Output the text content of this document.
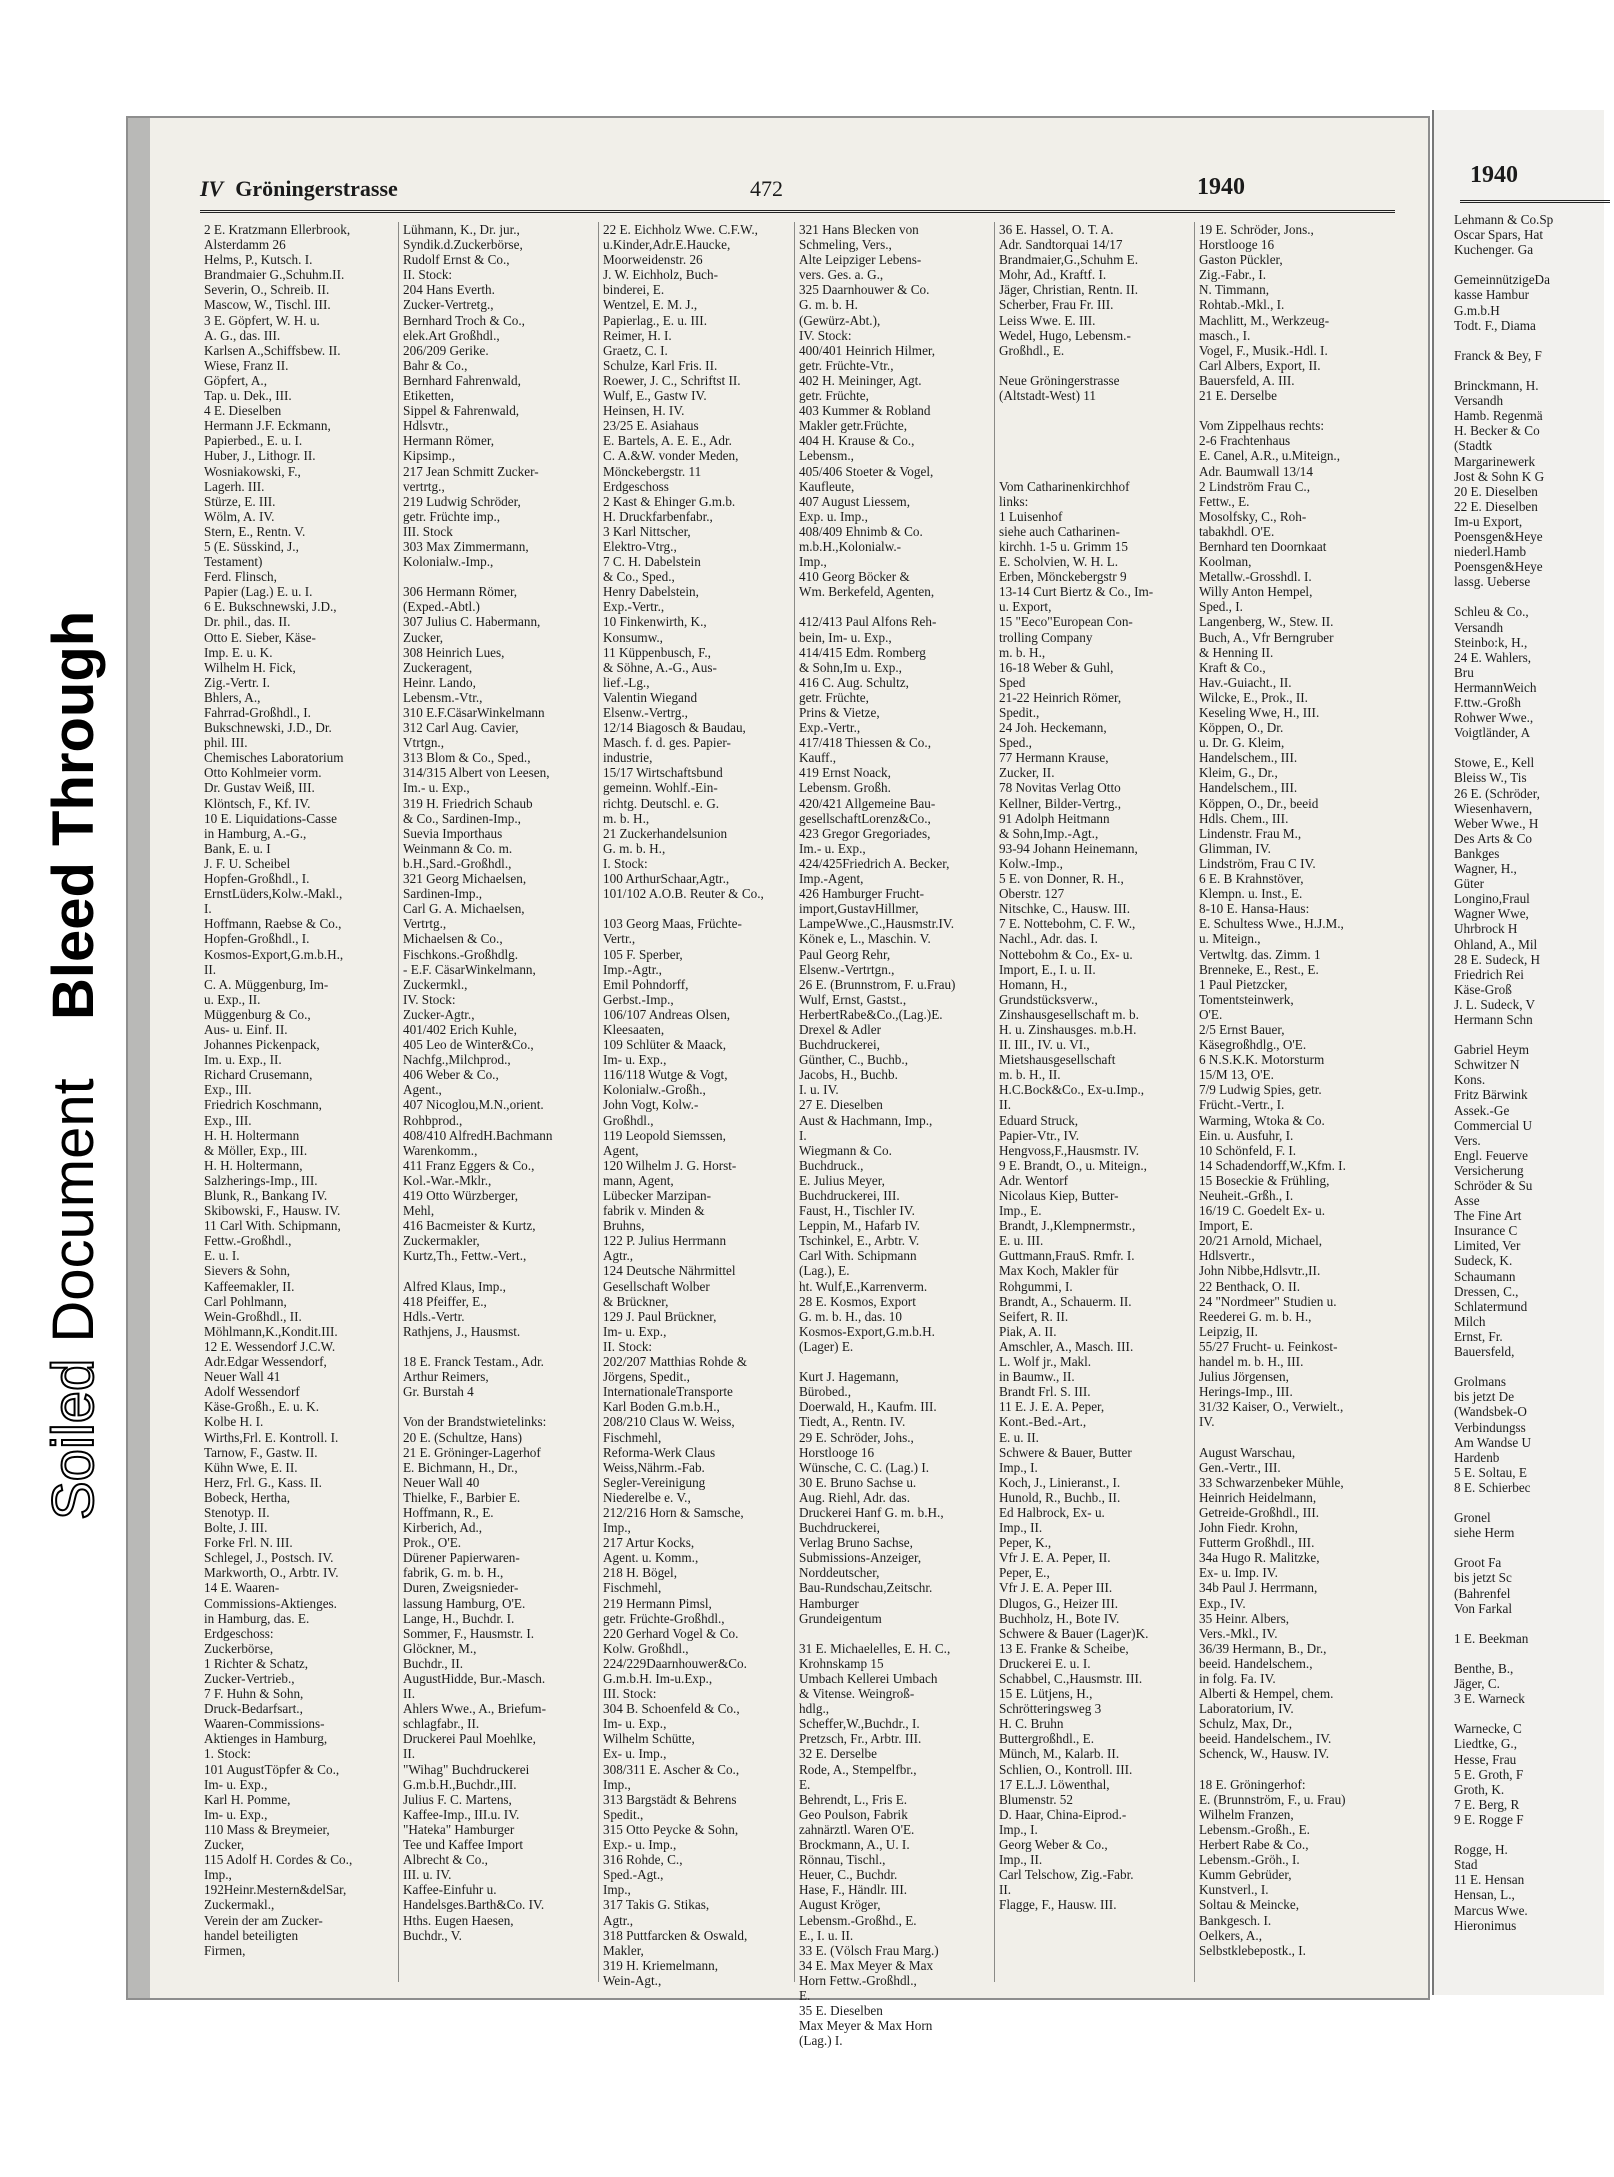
Soiled Document
Bleed Through
IV Gröningerstrasse	472	1940
2 E. Kratzmann Ellerbrook,
Alsterdamm 26
Helms, P., Kutsch. I.
Brandmaier G.,Schuhm.II.
Severin, O., Schreib. II.
Mascow, W., Tischl. III.
3 E. Göpfert, W. H. u.
A. G., das. III.
Karlsen A.,Schiffsbew. II.
Wiese, Franz II.
Göpfert, A.,
Tap. u. Dek., III.
4 E. Dieselben
Hermann J.F. Eckmann,
Papierbed., E. u. I.
Huber, J., Lithogr. II.
Wosniakowski, F.,
Lagerh. III.
Stürze, E. III.
Wölm, A. IV.
Stern, E., Rentn. V.
5 (E. Süsskind, J.,
Testament)
Ferd. Flinsch,
Papier (Lag.) E. u. I.
6 E. Bukschnewski, J.D.,
Dr. phil., das. II.
Otto E. Sieber, Käse-
Imp. E. u. K.
Wilhelm H. Fick,
Zig.-Vertr. I.
Bhlers, A.,
Fahrrad-Großhdl., I.
Bukschnewski, J.D., Dr.
phil. III.
Chemisches Laboratorium
Otto Kohlmeier vorm.
Dr. Gustav Weiß, III.
Klöntsch, F., Kf. IV.
10 E. Liquidations-Casse
in Hamburg, A.-G.,
Bank, E. u. I
J. F. U. Scheibel
Hopfen-Großhdl., I.
ErnstLüders,Kolw.-Makl.,
I.
Hoffmann, Raebse & Co.,
Hopfen-Großhdl., I.
Kosmos-Export,G.m.b.H.,
II.
C. A. Müggenburg, Im-
u. Exp., II.
Müggenburg & Co.,
Aus- u. Einf. II.
Johannes Pickenpack,
Im. u. Exp., II.
Richard Crusemann,
Exp., III.
Friedrich Koschmann,
Exp., III.
H. H. Holtermann
& Möller, Exp., III.
H. H. Holtermann,
Salzherings-Imp., III.
Blunk, R., Bankang IV.
Skibowski, F., Hausw. IV.
11 Carl With. Schipmann,
Fettw.-Großhdl.,
E. u. I.
Sievers & Sohn,
Kaffeemakler, II.
Carl Pohlmann,
Wein-Großhdl., II.
Möhlmann,K.,Kondit.III.
12 E. Wessendorf J.C.W.
Adr.Edgar Wessendorf,
Neuer Wall 41
Adolf Wessendorf
Käse-Großh., E. u. K.
Kolbe H. I.
Wirths,Frl. E. Kontroll. I.
Tarnow, F., Gastw. II.
Kühn Wwe, E. II.
Herz, Frl. G., Kass. II.
Bobeck, Hertha,
Stenotyp. II.
Bolte, J. III.
Forke Frl. N. III.
Schlegel, J., Postsch. IV.
Markworth, O., Arbtr. IV.
14 E. Waaren-
Commissions-Aktienges.
in Hamburg, das. E.
Erdgeschoss:
Zuckerbörse,
1 Richter & Schatz,
Zucker-Vertrieb.,
7 F. Huhn & Sohn,
Druck-Bedarfsart.,
Waaren-Commissions-
Aktienges in Hamburg,
1. Stock:
101 AugustTöpfer & Co.,
Im- u. Exp.,
Karl H. Pomme,
Im- u. Exp.,
110 Mass & Breymeier,
Zucker,
115 Adolf H. Cordes & Co.,
Imp.,
192Heinr.Mestern&delSar,
Zuckermakl.,
Verein der am Zucker-
handel beteiligten
Firmen,
Lühmann, K., Dr. jur.,
Syndik.d.Zuckerbörse,
Rudolf Ernst & Co.,
II. Stock:
204 Hans Everth.
Zucker-Vertretg.,
Bernhard Troch & Co.,
elek.Art Großhdl.,
206/209 Gerike.
Bahr & Co.,
Bernhard Fahrenwald,
Etiketten,
Sippel & Fahrenwald,
Hdlsvtr.,
Hermann Römer,
Kipsimp.,
217 Jean Schmitt Zucker-
vertrtg.,
219 Ludwig Schröder,
getr. Früchte imp.,
III. Stock
303 Max Zimmermann,
Kolonialw.-Imp.,

306 Hermann Römer,
(Exped.-Abtl.)
307 Julius C. Habermann,
Zucker,
308 Heinrich Lues,
Zuckeragent,
Heinr. Lando,
Lebensm.-Vtr.,
310 E.F.CäsarWinkelmann
312 Carl Aug. Cavier,
Vtrtgn.,
313 Blom & Co., Sped.,
314/315 Albert von Leesen,
Im.- u. Exp.,
319 H. Friedrich Schaub
& Co., Sardinen-Imp.,
Suevia Importhaus
Weinmann & Co. m.
b.H.,Sard.-Großhdl.,
321 Georg Michaelsen,
Sardinen-Imp.,
Carl G. A. Michaelsen,
Vertrtg.,
Michaelsen & Co.,
Fischkons.-Großhdlg.
- E.F. CäsarWinkelmann,
Zuckermkl.,
IV. Stock:
Zucker-Agtr.,
401/402 Erich Kuhle,
405 Leo de Winter&Co.,
Nachfg.,Milchprod.,
406 Weber & Co.,
Agent.,
407 Nicoglou,M.N.,orient.
Rohbprod.,
408/410 AlfredH.Bachmann
Warenkomm.,
411 Franz Eggers & Co.,
Kol.-War.-Mklr.,
419 Otto Würzberger,
Mehl,
416 Bacmeister & Kurtz,
Zuckermakler,
Kurtz,Th., Fettw.-Vert.,

Alfred Klaus, Imp.,
418 Pfeiffer, E.,
Hdls.-Vertr.
Rathjens, J., Hausmst.

18 E. Franck Testam., Adr.
Arthur Reimers,
Gr. Burstah 4

Von der Brandstwietelinks:
20 E. (Schultze, Hans)
21 E. Gröninger-Lagerhof
E. Bichmann, H., Dr.,
Neuer Wall 40
Thielke, F., Barbier E.
Hoffmann, R., E.
Kirberich, Ad.,
Prok., O'E.
Dürener Papierwaren-
fabrik, G. m. b. H.,
Duren, Zweigsnieder-
lassung Hamburg, O'E.
Lange, H., Buchdr. I.
Sommer, F., Hausmstr. I.
Glöckner, M.,
Buchdr., II.
AugustHidde, Bur.-Masch.
II.
Ahlers Wwe., A., Briefum-
schlagfabr., II.
Druckerei Paul Moehlke,
II.
"Wihag" Buchdruckerei
G.m.b.H.,Buchdr.,III.
Julius F. C. Martens,
Kaffee-Imp., III.u. IV.
"Hateka" Hamburger
Tee und Kaffee Import
Albrecht & Co.,
III. u. IV.
Kaffee-Einfuhr u.
Handelsges.Barth&Co. IV.
Hths. Eugen Haesen,
Buchdr., V.
22 E. Eichholz Wwe. C.F.W.,
u.Kinder,Adr.E.Haucke,
Moorweidenstr. 26
J. W. Eichholz, Buch-
binderei, E.
Wentzel, E. M. J.,
Papierlag., E. u. III.
Reimer, H. I.
Graetz, C. I.
Schulze, Karl Fris. II.
Roewer, J. C., Schriftst II.
Wulf, E., Gastw IV.
Heinsen, H. IV.
23/25 E. Asiahaus
E. Bartels, A. E. E., Adr.
C. A.&W. vonder Meden,
Mönckebergstr. 11
Erdgeschoss
2 Kast & Ehinger G.m.b.
H. Druckfarbenfabr.,
3 Karl Nittscher,
Elektro-Vtrg.,
7 C. H. Dabelstein
& Co., Sped.,
Henry Dabelstein,
Exp.-Vertr.,
10 Finkenwirth, K.,
Konsumw.,
11 Küppenbusch, F.,
& Söhne, A.-G., Aus-
lief.-Lg.,
Valentin Wiegand
Elsenw.-Vertrg.,
12/14 Biagosch & Baudau,
Masch. f. d. ges. Papier-
industrie,
15/17 Wirtschaftsbund
gemeinn. Wohlf.-Ein-
richtg. Deutschl. e. G.
m. b. H.,
21 Zuckerhandelsunion
G. m. b. H.,
I. Stock:
100 ArthurSchaar,Agtr.,
101/102 A.O.B. Reuter & Co.,

103 Georg Maas, Früchte-
Vertr.,
105 F. Sperber,
Imp.-Agtr.,
Emil Pohndorff,
Gerbst.-Imp.,
106/107 Andreas Olsen,
Kleesaaten,
109 Schlüter & Maack,
Im- u. Exp.,
116/118 Wutge & Vogt,
Kolonialw.-Großh.,
John Vogt, Kolw.-
Großhdl.,
119 Leopold Siemssen,
Agent,
120 Wilhelm J. G. Horst-
mann, Agent,
Lübecker Marzipan-
fabrik v. Minden &
Bruhns,
122 P. Julius Herrmann
Agtr.,
124 Deutsche Nährmittel
Gesellschaft Wolber
& Brückner,
129 J. Paul Brückner,
Im- u. Exp.,
II. Stock:
202/207 Matthias Rohde &
Jörgens, Spedit.,
InternationaleTransporte
Karl Boden G.m.b.H.,
208/210 Claus W. Weiss,
Fischmehl,
Reforma-Werk Claus
Weiss,Nährm.-Fab.
Segler-Vereinigung
Niederelbe e. V.,
212/216 Horn & Samsche,
Imp.,
217 Artur Kocks,
Agent. u. Komm.,
218 H. Bögel,
Fischmehl,
219 Hermann Pimsl,
getr. Früchte-Großhdl.,
220 Gerhard Vogel & Co.
Kolw. Großhdl.,
224/229Daarnhouwer&Co.
G.m.b.H. Im-u.Exp.,
III. Stock:
304 B. Schoenfeld & Co.,
Im- u. Exp.,
Wilhelm Schütte,
Ex- u. Imp.,
308/311 E. Ascher & Co.,
Imp.,
313 Bargstädt & Behrens
Spedit.,
315 Otto Peycke & Sohn,
Exp.- u. Imp.,
316 Rohde, C.,
Sped.-Agt.,
Imp.,
317 Takis G. Stikas,
Agtr.,
318 Puttfarcken & Oswald,
Makler,
319 H. Kriemelmann,
Wein-Agt.,
321 Hans Blecken von
Schmeling, Vers.,
Alte Leipziger Lebens-
vers. Ges. a. G.,
325 Daarnhouwer & Co.
G. m. b. H.
(Gewürz-Abt.),
IV. Stock:
400/401 Heinrich Hilmer,
getr. Früchte-Vtr.,
402 H. Meininger, Agt.
getr. Früchte,
403 Kummer & Robland
Makler getr.Früchte,
404 H. Krause & Co.,
Lebensm.,
405/406 Stoeter & Vogel,
Kaufleute,
407 August Liessem,
Exp. u. Imp.,
408/409 Ehnimb & Co.
m.b.H.,Kolonialw.-
Imp.,
410 Georg Böcker &
Wm. Berkefeld, Agenten,

412/413 Paul Alfons Reh-
bein, Im- u. Exp.,
414/415 Edm. Romberg
& Sohn,Im u. Exp.,
416 C. Aug. Schultz,
getr. Früchte,
Prins & Vietze,
Exp.-Vertr.,
417/418 Thiessen & Co.,
Kauff.,
419 Ernst Noack,
Lebensm. Großh.
420/421 Allgemeine Bau-
gesellschaftLorenz&Co.,
423 Gregor Gregoriades,
Im.- u. Exp.,
424/425Friedrich A. Becker,
Imp.-Agent,
426 Hamburger Frucht-
import,GustavHillmer,
LampeWwe.,C.,Hausmstr.IV.
Könek e, L., Maschin. V.
Paul Georg Rehr,
Elsenw.-Vertrtgn.,
26 E. (Brunnstrom, F. u.Frau)
Wulf, Ernst, Gastst.,
HerbertRabe&Co.,(Lag.)E.
Drexel & Adler
Buchdruckerei,
Günther, C., Buchb.,
Jacobs, H., Buchb.
I. u. IV.
27 E. Dieselben
Aust & Hachmann, Imp.,
I.
Wiegmann & Co.
Buchdruck.,
E. Julius Meyer,
Buchdruckerei, III.
Faust, H., Tischler IV.
Leppin, M., Hafarb IV.
Tschinkel, E., Arbtr. V.
Carl With. Schipmann
(Lag.), E.
ht. Wulf,E.,Karrenverm.
28 E. Kosmos, Export
G. m. b. H., das. 10
Kosmos-Export,G.m.b.H.
(Lager) E.

Kurt J. Hagemann,
Bürobed.,
Doerwald, H., Kaufm. III.
Tiedt, A., Rentn. IV.
29 E. Schröder, Johs.,
Horstlooge 16
Wünsche, C. C. (Lag.) I.
30 E. Bruno Sachse u.
Aug. Riehl, Adr. das.
Druckerei Hanf G. m. b.H.,
Buchdruckerei,
Verlag Bruno Sachse,
Submissions-Anzeiger,
Norddeutscher,
Bau-Rundschau,Zeitschr.
Hamburger
Grundeigentum

31 E. Michaelelles, E. H. C.,
Krohnskamp 15
Umbach Kellerei Umbach
& Vitense. Weingroß-
hdlg.,
Scheffer,W.,Buchdr., I.
Pretzsch, Fr., Arbtr. III.
32 E. Derselbe
Rode, A., Stempelfbr.,
E.
Behrendt, L., Fris E.
Geo Poulson, Fabrik
zahnärztl. Waren O'E.
Brockmann, A., U. I.
Rönnau, Tischl.,
Heuer, C., Buchdr.
Hase, F., Händlr. III.
August Kröger,
Lebensm.-Großhd., E.
E., I. u. II.
33 E. (Völsch Frau Marg.)
34 E. Max Meyer & Max
Horn Fettw.-Großhdl.,
E.
35 E. Dieselben
Max Meyer & Max Horn
(Lag.) I.
36 E. Hassel, O. T. A.
Adr. Sandtorquai 14/17
Brandmaier,G.,Schuhm E.
Mohr, Ad., Kraftf. I.
Jäger, Christian, Rentn. II.
Scherber, Frau Fr. III.
Leiss Wwe. E. III.
Wedel, Hugo, Lebensm.-
Großhdl., E.

Neue Gröningerstrasse
(Altstadt-West) 11

Vom Catharinenkirchhof
links:
1 Luisenhof
siehe auch Catharinen-
kirchh. 1-5 u. Grimm 15
E. Scholvien, W. H. L.
Erben, Mönckebergstr 9
13-14 Curt Biertz & Co., Im-
u. Export,
15 "Eeco"European Con-
trolling Company
m. b. H.,
16-18 Weber & Guhl,
Sped
21-22 Heinrich Römer,
Spedit.,
24 Joh. Heckemann,
Sped.,
77 Hermann Krause,
Zucker, II.
78 Novitas Verlag Otto
Kellner, Bilder-Vertrg.,
91 Adolph Heitmann
& Sohn,Imp.-Agt.,
93-94 Johann Heinemann,
Kolw.-Imp.,
5 E. von Donner, R. H.,
Oberstr. 127
Nitschke, C., Hausw. III.
7 E. Nottebohm, C. F. W.,
Nachl., Adr. das. I.
Nottebohm & Co., Ex- u.
Import, E., I. u. II.
Homann, H.,
Grundstücksverw.,
Zinshausgesellschaft m. b.
H. u. Zinshausges. m.b.H.
II. III., IV. u. VI.,
Mietshausgesellschaft
m. b. H., II.
H.C.Bock&Co., Ex-u.Imp.,
II.
Eduard Struck,
Papier-Vtr., IV.
Hengvoss,F.,Hausmstr. IV.
9 E. Brandt, O., u. Miteign.,
Adr. Wentorf
Nicolaus Kiep, Butter-
Imp., E.
Brandt, J.,Klempnermstr.,
E. u. III.
Guttmann,FrauS. Rmfr. I.
Max Koch, Makler für
Rohgummi, I.
Brandt, A., Schauerm. II.
Seifert, R. II.
Piak, A. II.
Amschler, A., Masch. III.
L. Wolf jr., Makl.
in Baumw., II.
Brandt Frl. S. III.
11 E. J. E. A. Peper,
Kont.-Bed.-Art.,
E. u. II.
Schwere & Bauer, Butter
Imp., I.
Koch, J., Linieranst., I.
Hunold, R., Buchb., II.
Ed Halbrock, Ex- u.
Imp., II.
Peper, K.,
Vfr J. E. A. Peper, II.
Peper, E.,
Vfr J. E. A. Peper III.
Dlugos, G., Heizer III.
Buchholz, H., Bote IV.
Schwere & Bauer (Lager)K.
13 E. Franke & Scheibe,
Druckerei E. u. I.
Schabbel, C.,Hausmstr. III.
15 E. Lütjens, H.,
Schrötteringsweg 3
H. C. Bruhn
Buttergroßhdl., E.
Münch, M., Kalarb. II.
Schlien, O., Kontroll. III.
17 E.L.J. Löwenthal,
Blumenstr. 52
D. Haar, China-Eiprod.-
Imp., I.
Georg Weber & Co.,
Imp., II.
Carl Telschow, Zig.-Fabr.
II.
Flagge, F., Hausw. III.
19 E. Schröder, Jons.,
Horstlooge 16
Gaston Pückler,
Zig.-Fabr., I.
N. Timmann,
Rohtab.-Mkl., I.
Machlitt, M., Werkzeug-
masch., I.
Vogel, F., Musik.-Hdl. I.
Carl Albers, Export, II.
Bauersfeld, A. III.
21 E. Derselbe

Vom Zippelhaus rechts:
2-6 Frachtenhaus
E. Canel, A.R., u.Miteign.,
Adr. Baumwall 13/14
2 Lindström Frau C.,
Fettw., E.
Mosolfsky, C., Roh-
tabakhdl. O'E.
Bernhard ten Doornkaat
Koolman,
Metallw.-Grosshdl. I.
Willy Anton Hempel,
Sped., I.
Langenberg, W., Stew. II.
Buch, A., Vfr Berngruber
& Henning II.
Kraft & Co.,
Hav.-Guiacht., II.
Wilcke, E., Prok., II.
Keseling Wwe, H., III.
Köppen, O., Dr.
u. Dr. G. Kleim,
Handelschem., III.
Kleim, G., Dr.,
Handelschem., III.
Köppen, O., Dr., beeid
Hdls. Chem., III.
Lindenstr. Frau M.,
Glimman, IV.
Lindström, Frau C IV.
6 E. B Krahnstöver,
Klempn. u. Inst., E.
8-10 E. Hansa-Haus:
E. Schultess Wwe., H.J.M.,
u. Miteign.,
Vertwltg. das. Zimm. 1
Brenneke, E., Rest., E.
1 Paul Pietzcker,
Tomentsteinwerk,
O'E.
2/5 Ernst Bauer,
Käsegroßhdlg., O'E.
6 N.S.K.K. Motorsturm
15/M 13, O'E.
7/9 Ludwig Spies, getr.
Frücht.-Vertr., I.
Warming, Wtoka & Co.
Ein. u. Ausfuhr, I.
10 Schönfeld, F. I.
14 Schadendorff,W.,Kfm. I.
15 Boseckie & Frühling,
Neuheit.-Grßh., I.
16/19 C. Goedelt Ex- u.
Import, E.
20/21 Arnold, Michael,
Hdlsvertr.,
John Nibbe,Hdlsvtr.,II.
22 Benthack, O. II.
24 "Nordmeer" Studien u.
Reederei G. m. b. H.,
Leipzig, II.
55/27 Frucht- u. Feinkost-
handel m. b. H., III.
Julius Jörgensen,
Herings-Imp., III.
31/32 Kaiser, O., Verwielt.,
IV.

August Warschau,
Gen.-Vertr., III.
33 Schwarzenbeker Mühle,
Heinrich Heidelmann,
Getreide-Großhdl., III.
John Fiedr. Krohn,
Futterm Großhdl., III.
34a Hugo R. Malitzke,
Ex- u. Imp. IV.
34b Paul J. Herrmann,
Exp., IV.
35 Heinr. Albers,
Vers.-Mkl., IV.
36/39 Hermann, B., Dr.,
beeid. Handelschem.,
in folg. Fa. IV.
Alberti & Hempel, chem.
Laboratorium, IV.
Schulz, Max, Dr.,
beeid. Handelschem., IV.
Schenck, W., Hausw. IV.

18 E. Gröningerhof:
E. (Brunnström, F., u. Frau)
Wilhelm Franzen,
Lebensm.-Großh., E.
Herbert Rabe & Co.,
Lebensm.-Gröh., I.
Kumm Gebrüder,
Kunstverl., I.
Soltau & Meincke,
Bankgesch. I.
Oelkers, A.,
Selbstklebepostk., I.
1940
Lehmann & Co.Sp
Oscar Spars, Hat
Kuchenger. Ga

GemeinnützigeDa
kasse Hambur
G.m.b.H
Todt. F., Diama

Franck & Bey, F

Brinckmann, H.
Versandh
Hamb. Regenmä
H. Becker & Co
(Stadtk
Margarinewerk
Jost & Sohn K G
20 E. Dieselben
22 E. Dieselben
Im-u Export,
Poensgen&Heye
niederl.Hamb
Poensgen&Heye
lassg. Ueberse

Schleu & Co.,
Versandh
Steinbo:k, H.,
24 E. Wahlers,
Bru
HermannWeich
F.ttw.-Großh
Rohwer Wwe.,
Voigtländer, A

Stowe, E., Kell
Bleiss W., Tis
26 E. (Schröder,
Wiesenhavern,
Weber Wwe., H
Des Arts & Co
Bankges
Wagner, H.,
Güter
Longino,Fraul
Wagner Wwe,
Uhrbrock H
Ohland, A., Mil
28 E. Sudeck, H
Friedrich Rei
Käse-Groß
J. L. Sudeck, V
Hermann Schn

Gabriel Heym
Schwitzer N
Kons.
Fritz Bärwink
Assek.-Ge
Commercial U
Vers.
Engl. Feuerve
Versicherung
Schröder & Su
Asse
The Fine Art
Insurance C
Limited, Ver
Sudeck, K.
Schaumann
Dressen, C.,
Schlatermund
Milch
Ernst, Fr.
Bauersfeld,

Grolmans
bis jetzt De
(Wandsbek-O
Verbindungss
Am Wandse U
Hardenb
5 E. Soltau, E
8 E. Schierbec

Gronel
siehe Herm

Groot Fa
bis jetzt Sc
(Bahrenfel
Von Farkal

1 E. Beekman

Benthe, B.,
Jäger, C.
3 E. Warneck

Warnecke, C
Liedtke, G.,
Hesse, Frau
5 E. Groth, F
Groth, K.
7 E. Berg, R
9 E. Rogge F

Rogge, H.
Stad
11 E. Hensan
Hensan, L.,
Marcus Wwe.
Hieronimus
